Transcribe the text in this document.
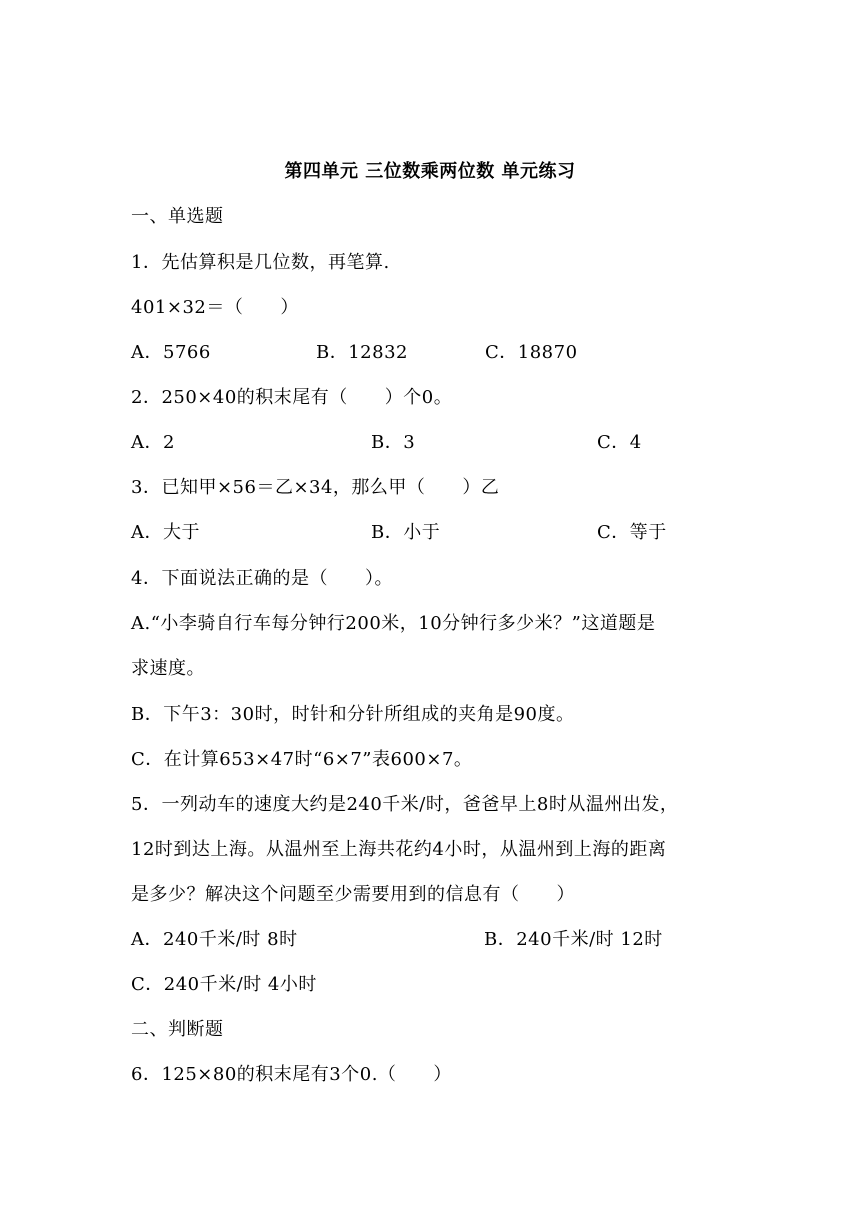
第四单元 三位数乘两位数 单元练习
一、单选题
1．先估算积是几位数，再笔算.
401×32＝（　　）
A．5766	B．12832	C．18870
2．250×40的积末尾有（　　）个0。
A．2	B．3	C．4
3．已知甲×56＝乙×34，那么甲（　　）乙
A．大于	B．小于	C．等于
4．下面说法正确的是（　　）。
A.“小李骑自行车每分钟行200米，10分钟行多少米？”这道题是
求速度。
B．下午3：30时，时针和分针所组成的夹角是90度。
C．在计算653×47时“6×7”表600×7。
5．一列动车的速度大约是240千米/时，爸爸早上8时从温州出发，
12时到达上海。从温州至上海共花约4小时，从温州到上海的距离
是多少？解决这个问题至少需要用到的信息有（　　）
A．240千米/时 8时	B．240千米/时 12时
C．240千米/时 4小时
二、判断题
6．125×80的积末尾有3个0.（　　）
